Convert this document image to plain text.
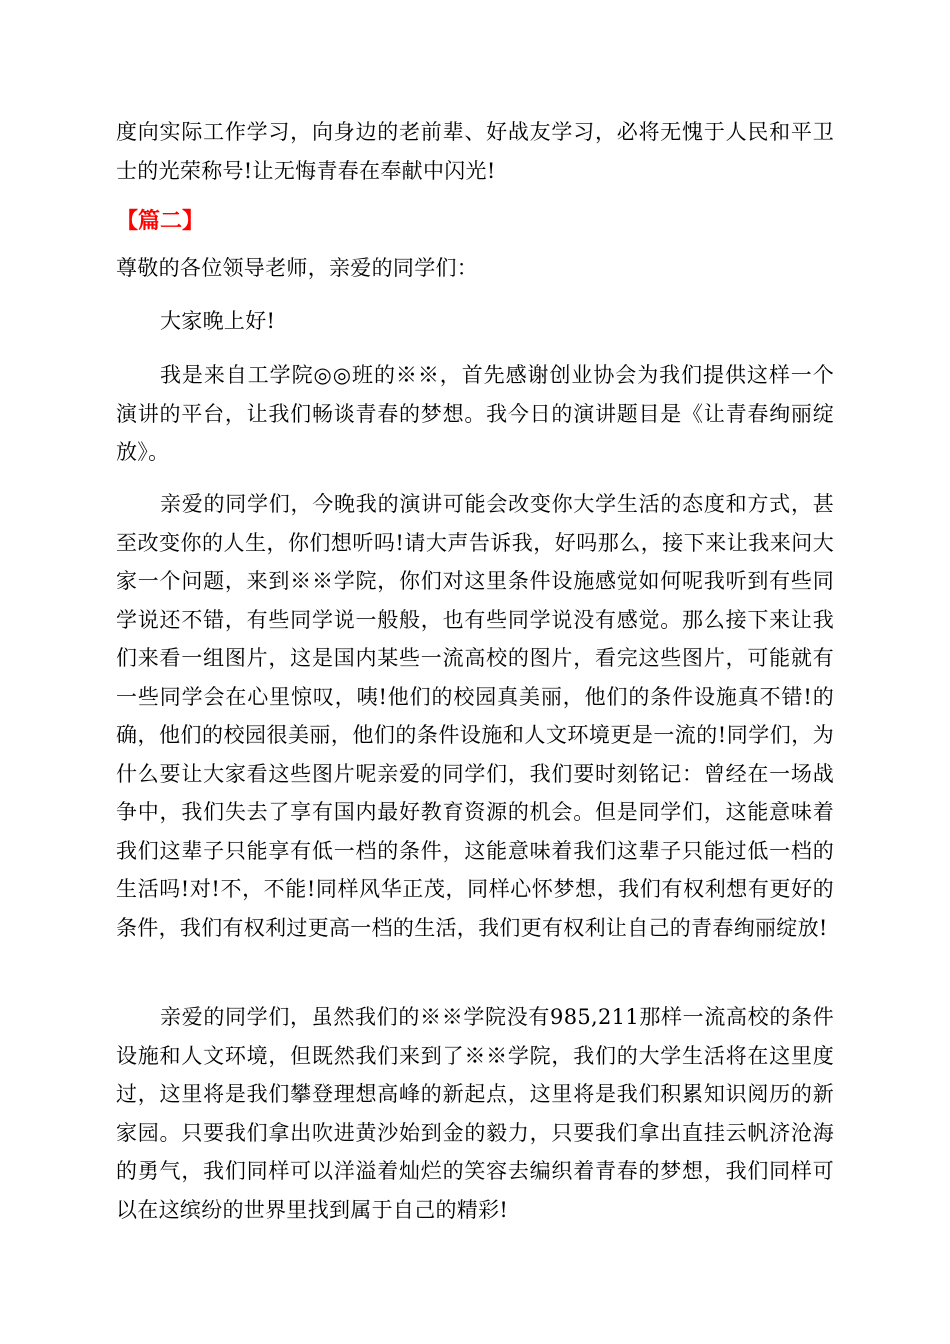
度向实际工作学习，向身边的老前辈、好战友学习，必将无愧于人民和平卫士的光荣称号!让无悔青春在奉献中闪光!

【篇二】

尊敬的各位领导老师，亲爱的同学们：

大家晚上好!

我是来自工学院◎◎班的※※，首先感谢创业协会为我们提供这样一个演讲的平台，让我们畅谈青春的梦想。我今日的演讲题目是《让青春绚丽绽放》。

亲爱的同学们，今晚我的演讲可能会改变你大学生活的态度和方式，甚至改变你的人生，你们想听吗!请大声告诉我，好吗那么，接下来让我来问大家一个问题，来到※※学院，你们对这里条件设施感觉如何呢我听到有些同学说还不错，有些同学说一般般，也有些同学说没有感觉。那么接下来让我们来看一组图片，这是国内某些一流高校的图片，看完这些图片，可能就有一些同学会在心里惊叹，咦!他们的校园真美丽，他们的条件设施真不错!的确，他们的校园很美丽，他们的条件设施和人文环境更是一流的!同学们，为什么要让大家看这些图片呢亲爱的同学们，我们要时刻铭记：曾经在一场战争中，我们失去了享有国内最好教育资源的机会。但是同学们，这能意味着我们这辈子只能享有低一档的条件，这能意味着我们这辈子只能过低一档的生活吗!对!不，不能!同样风华正茂，同样心怀梦想，我们有权利想有更好的条件，我们有权利过更高一档的生活，我们更有权利让自己的青春绚丽绽放!

亲爱的同学们，虽然我们的※※学院没有985,211那样一流高校的条件设施和人文环境，但既然我们来到了※※学院，我们的大学生活将在这里度过，这里将是我们攀登理想高峰的新起点，这里将是我们积累知识阅历的新家园。只要我们拿出吹进黄沙始到金的毅力，只要我们拿出直挂云帆济沧海的勇气，我们同样可以洋溢着灿烂的笑容去编织着青春的梦想，我们同样可以在这缤纷的世界里找到属于自己的精彩!
